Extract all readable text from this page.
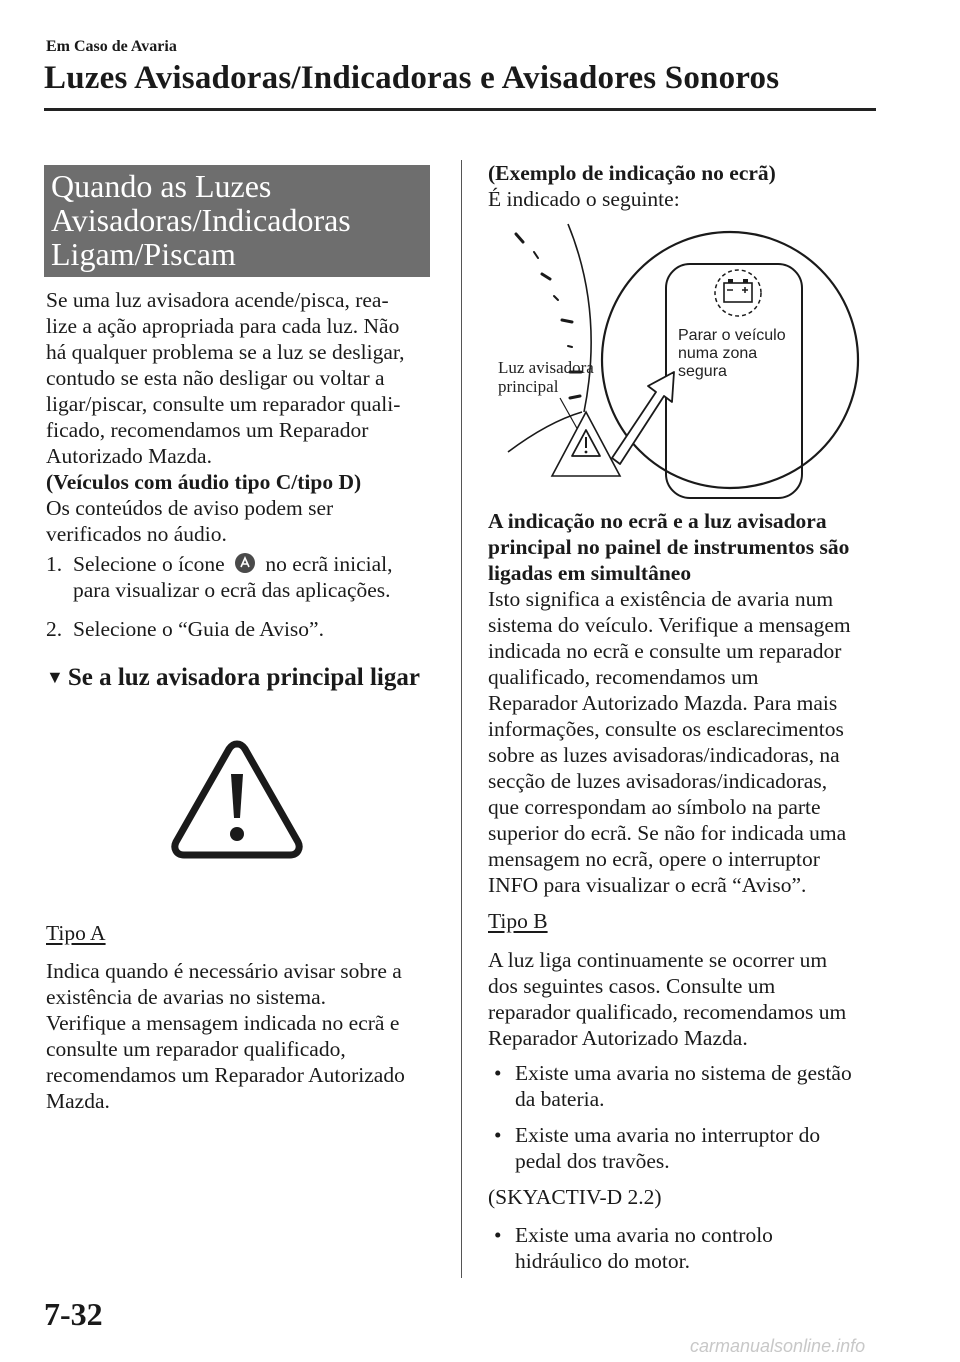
Em Caso de Avaria
Luzes Avisadoras/Indicadoras e Avisadores Sonoros
Quando as Luzes
Avisadoras/Indicadoras
Ligam/Piscam
Se uma luz avisadora acende/pisca, rea-
lize a ação apropriada para cada luz. Não
há qualquer problema se a luz se desligar,
contudo se esta não desligar ou voltar a
ligar/piscar, consulte um reparador quali-
ficado, recomendamos um Reparador
Autorizado Mazda.
(Veículos com áudio tipo C/tipo D)
Os conteúdos de aviso podem ser
verificados no áudio.
1. Selecione o ícone no ecrã inicial,
para visualizar o ecrã das aplicações.
2. Selecione o “Guia de Aviso”.
▼ Se a luz avisadora principal ligar
Tipo A
Indica quando é necessário avisar sobre a
existência de avarias no sistema.
Verifique a mensagem indicada no ecrã e
consulte um reparador qualificado,
recomendamos um Reparador Autorizado
Mazda.
(Exemplo de indicação no ecrã)
É indicado o seguinte:
Parar o veículo
numa zona
segura
Luz avisadora
principal
A indicação no ecrã e a luz avisadora
principal no painel de instrumentos são
ligadas em simultâneo
Isto significa a existência de avaria num
sistema do veículo. Verifique a mensagem
indicada no ecrã e consulte um reparador
qualificado, recomendamos um
Reparador Autorizado Mazda. Para mais
informações, consulte os esclarecimentos
sobre as luzes avisadoras/indicadoras, na
secção de luzes avisadoras/indicadoras,
que correspondam ao símbolo na parte
superior do ecrã. Se não for indicada uma
mensagem no ecrã, opere o interruptor
INFO para visualizar o ecrã “Aviso”.
Tipo B
A luz liga continuamente se ocorrer um
dos seguintes casos. Consulte um
reparador qualificado, recomendamos um
Reparador Autorizado Mazda.
• Existe uma avaria no sistema de gestão
da bateria.
• Existe uma avaria no interruptor do
pedal dos travões.
(SKYACTIV-D 2.2)
• Existe uma avaria no controlo
hidráulico do motor.
7-32
carmanualsonline.info
